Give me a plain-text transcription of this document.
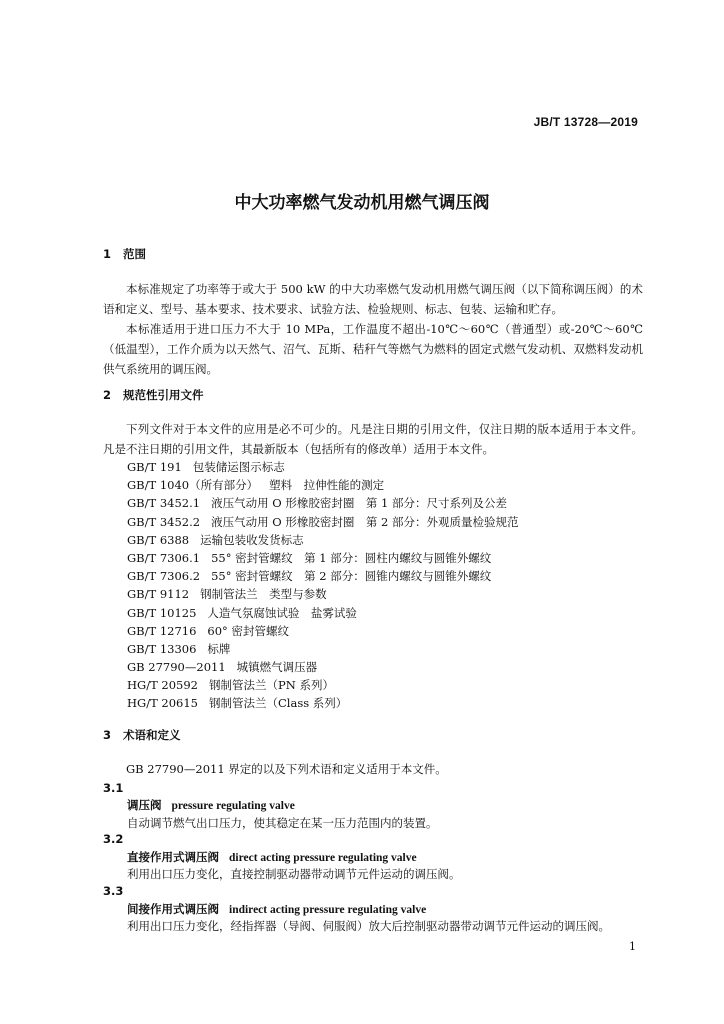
JB/T 13728—2019
中大功率燃气发动机用燃气调压阀
1 范围
本标准规定了功率等于或大于 500 kW 的中大功率燃气发动机用燃气调压阀（以下简称调压阀）的术语和定义、型号、基本要求、技术要求、试验方法、检验规则、标志、包装、运输和贮存。
本标准适用于进口压力不大于 10 MPa，工作温度不超出-10℃～60℃（普通型）或-20℃～60℃（低温型），工作介质为以天然气、沼气、瓦斯、秸秆气等燃气为燃料的固定式燃气发动机、双燃料发动机供气系统用的调压阀。
2 规范性引用文件
下列文件对于本文件的应用是必不可少的。凡是注日期的引用文件，仅注日期的版本适用于本文件。凡是不注日期的引用文件，其最新版本（包括所有的修改单）适用于本文件。
GB/T 191 包装储运图示标志
GB/T 1040（所有部分） 塑料　拉伸性能的测定
GB/T 3452.1 液压气动用 O 形橡胶密封圈　第 1 部分：尺寸系列及公差
GB/T 3452.2 液压气动用 O 形橡胶密封圈　第 2 部分：外观质量检验规范
GB/T 6388 运输包装收发货标志
GB/T 7306.1 55° 密封管螺纹　第 1 部分：圆柱内螺纹与圆锥外螺纹
GB/T 7306.2 55° 密封管螺纹　第 2 部分：圆锥内螺纹与圆锥外螺纹
GB/T 9112 钢制管法兰　类型与参数
GB/T 10125 人造气氛腐蚀试验　盐雾试验
GB/T 12716 60° 密封管螺纹
GB/T 13306 标牌
GB 27790—2011 城镇燃气调压器
HG/T 20592 钢制管法兰（PN 系列）
HG/T 20615 钢制管法兰（Class 系列）
3 术语和定义
GB 27790—2011 界定的以及下列术语和定义适用于本文件。
3.1
调压阀 pressure regulating valve
自动调节燃气出口压力，使其稳定在某一压力范围内的装置。
3.2
直接作用式调压阀 direct acting pressure regulating valve
利用出口压力变化，直接控制驱动器带动调节元件运动的调压阀。
3.3
间接作用式调压阀 indirect acting pressure regulating valve
利用出口压力变化，经指挥器（导阀、伺服阀）放大后控制驱动器带动调节元件运动的调压阀。
1
